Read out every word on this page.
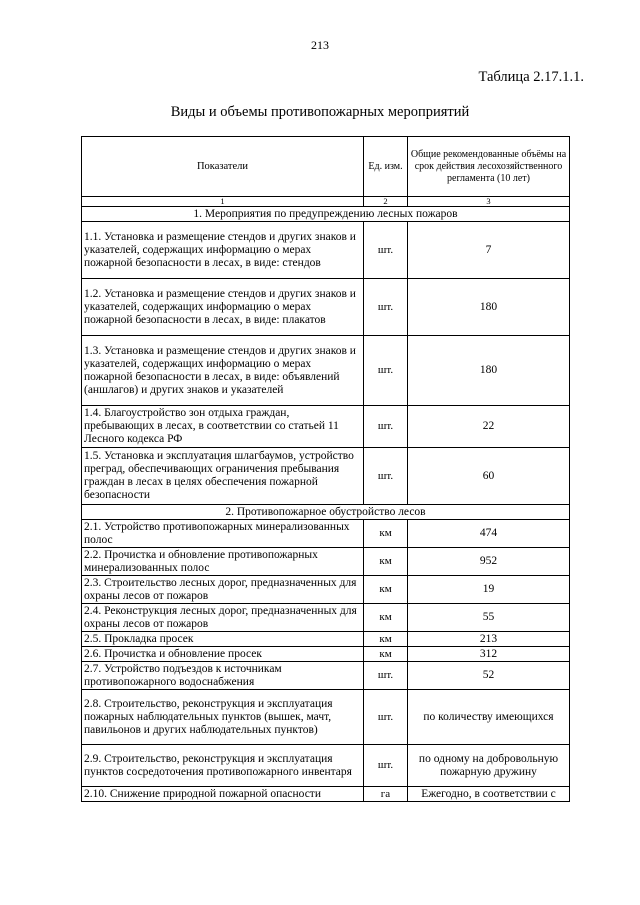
213
Таблица 2.17.1.1.
Виды и объемы противопожарных мероприятий
Показатели	Ед. изм.	Общие рекомендованные объёмы на срок действия лесохозяйственного регламента (10 лет)
1	2	3
1. Мероприятия по предупреждению лесных пожаров		
1.1. Установка и размещение стендов и других знаков и указателей, содержащих информацию о мерах пожарной безопасности в лесах, в виде: стендов	шт.	7
1.2. Установка и размещение стендов и других знаков и указателей, содержащих информацию о мерах пожарной безопасности в лесах, в виде: плакатов	шт.	180
1.3. Установка и размещение стендов и других знаков и указателей, содержащих информацию о мерах пожарной безопасности в лесах, в виде: объявлений (аншлагов) и других знаков и указателей	шт.	180
1.4. Благоустройство зон отдыха граждан, пребывающих в лесах, в соответствии со статьей 11 Лесного кодекса РФ	шт.	22
1.5. Установка и эксплуатация шлагбаумов, устройство преград, обеспечивающих ограничения пребывания граждан в лесах в целях обеспечения пожарной безопасности	шт.	60
2. Противопожарное обустройство лесов		
2.1. Устройство противопожарных минерализованных полос	км	474
2.2. Прочистка и обновление противопожарных минерализованных полос	км	952
2.3. Строительство лесных дорог, предназначенных для охраны лесов от пожаров	км	19
2.4. Реконструкция лесных дорог, предназначенных для охраны лесов от пожаров	км	55
2.5. Прокладка просек	км	213
2.6. Прочистка и обновление просек	км	312
2.7. Устройство подъездов к источникам противопожарного водоснабжения	шт.	52
2.8. Строительство, реконструкция и эксплуатация пожарных наблюдательных пунктов (вышек, мачт, павильонов и других наблюдательных пунктов)	шт.	по количеству имеющихся
2.9. Строительство, реконструкция и эксплуатация пунктов сосредоточения противопожарного инвентаря	шт.	по одному на добровольную пожарную дружину
2.10. Снижение природной пожарной опасности	га	Ежегодно, в соответствии с
